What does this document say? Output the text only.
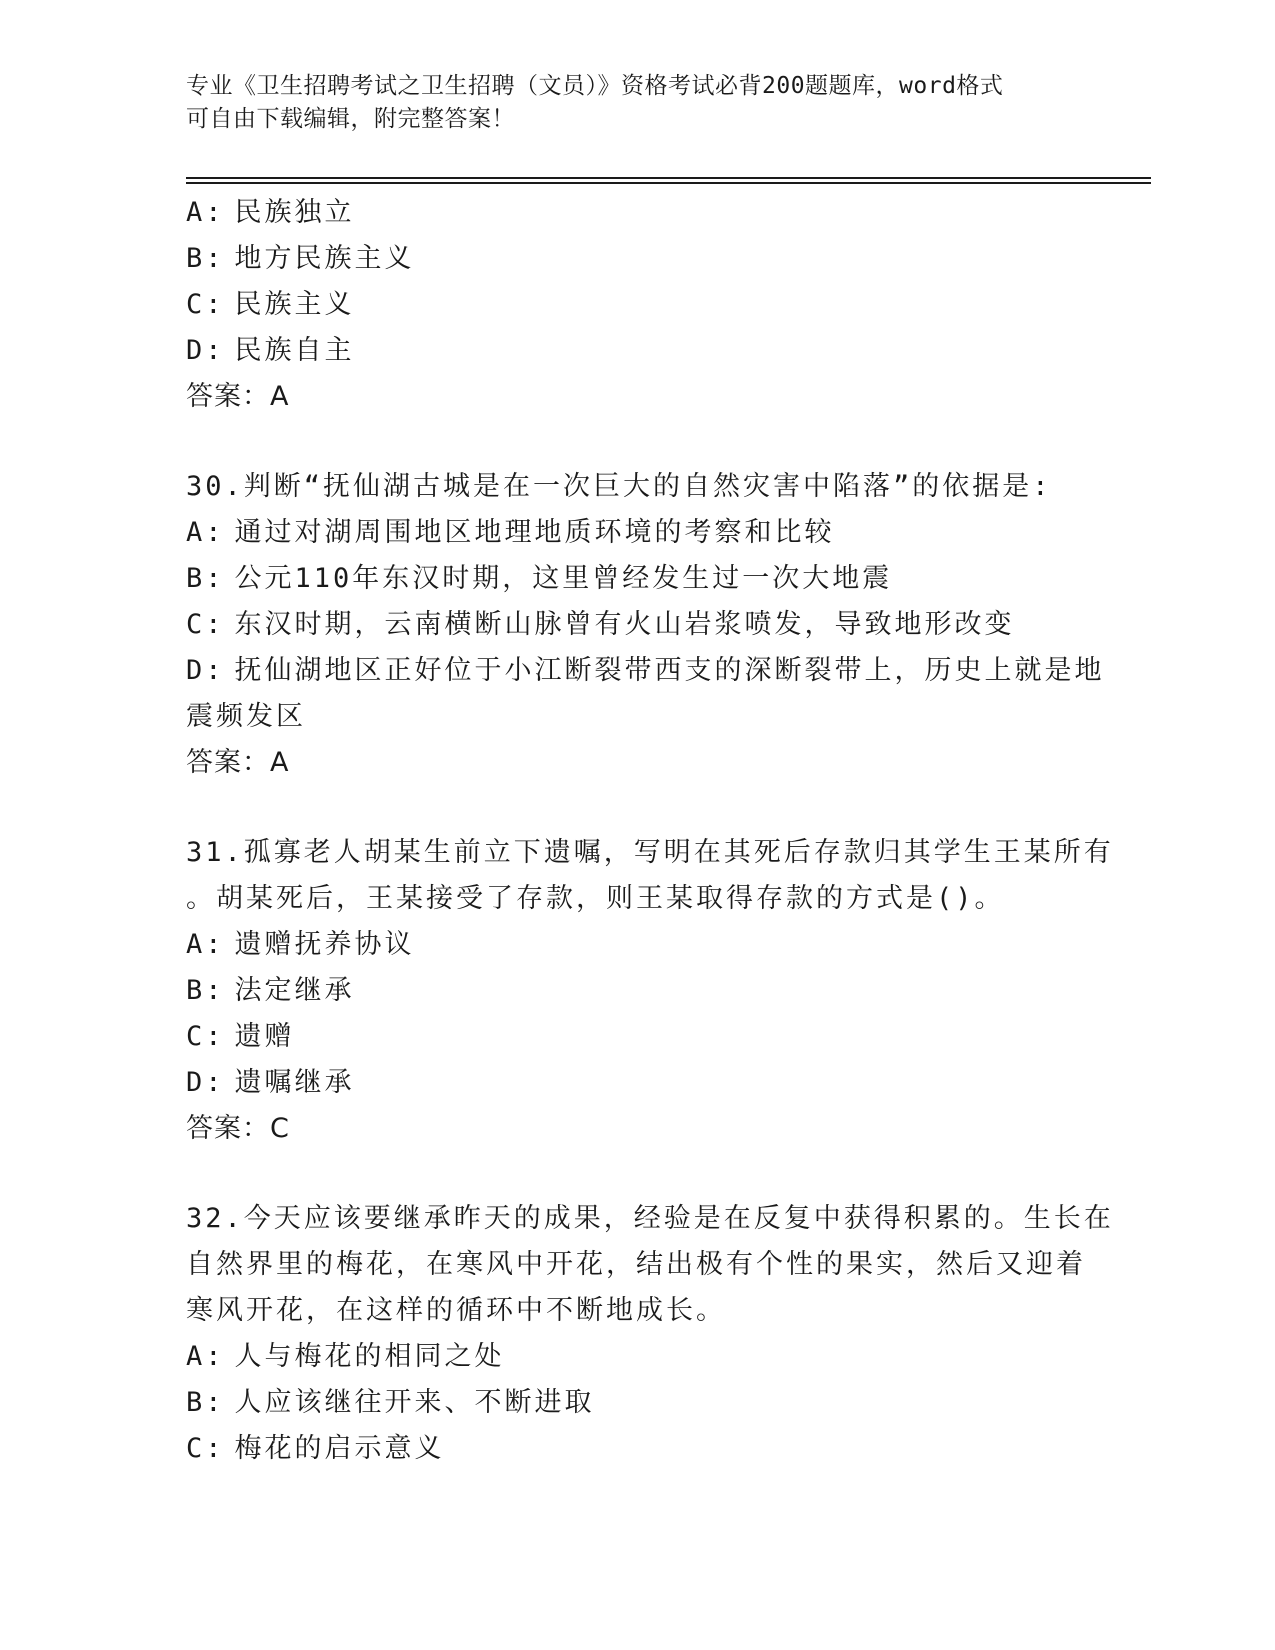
专业《卫生招聘考试之卫生招聘（文员）》资格考试必背200题题库，word格式
可自由下载编辑，附完整答案！
A: 民族独立
B: 地方民族主义
C: 民族主义
D: 民族自主
答案：A
30.判断“抚仙湖古城是在一次巨大的自然灾害中陷落”的依据是:
A: 通过对湖周围地区地理地质环境的考察和比较
B: 公元110年东汉时期，这里曾经发生过一次大地震
C: 东汉时期，云南横断山脉曾有火山岩浆喷发，导致地形改变
D: 抚仙湖地区正好位于小江断裂带西支的深断裂带上，历史上就是地
震频发区
答案：A
31.孤寡老人胡某生前立下遗嘱，写明在其死后存款归其学生王某所有
。胡某死后，王某接受了存款，则王某取得存款的方式是()。
A: 遗赠抚养协议
B: 法定继承
C: 遗赠
D: 遗嘱继承
答案：C
32.今天应该要继承昨天的成果，经验是在反复中获得积累的。生长在
自然界里的梅花，在寒风中开花，结出极有个性的果实，然后又迎着
寒风开花，在这样的循环中不断地成长。
A: 人与梅花的相同之处
B: 人应该继往开来、不断进取
C: 梅花的启示意义
